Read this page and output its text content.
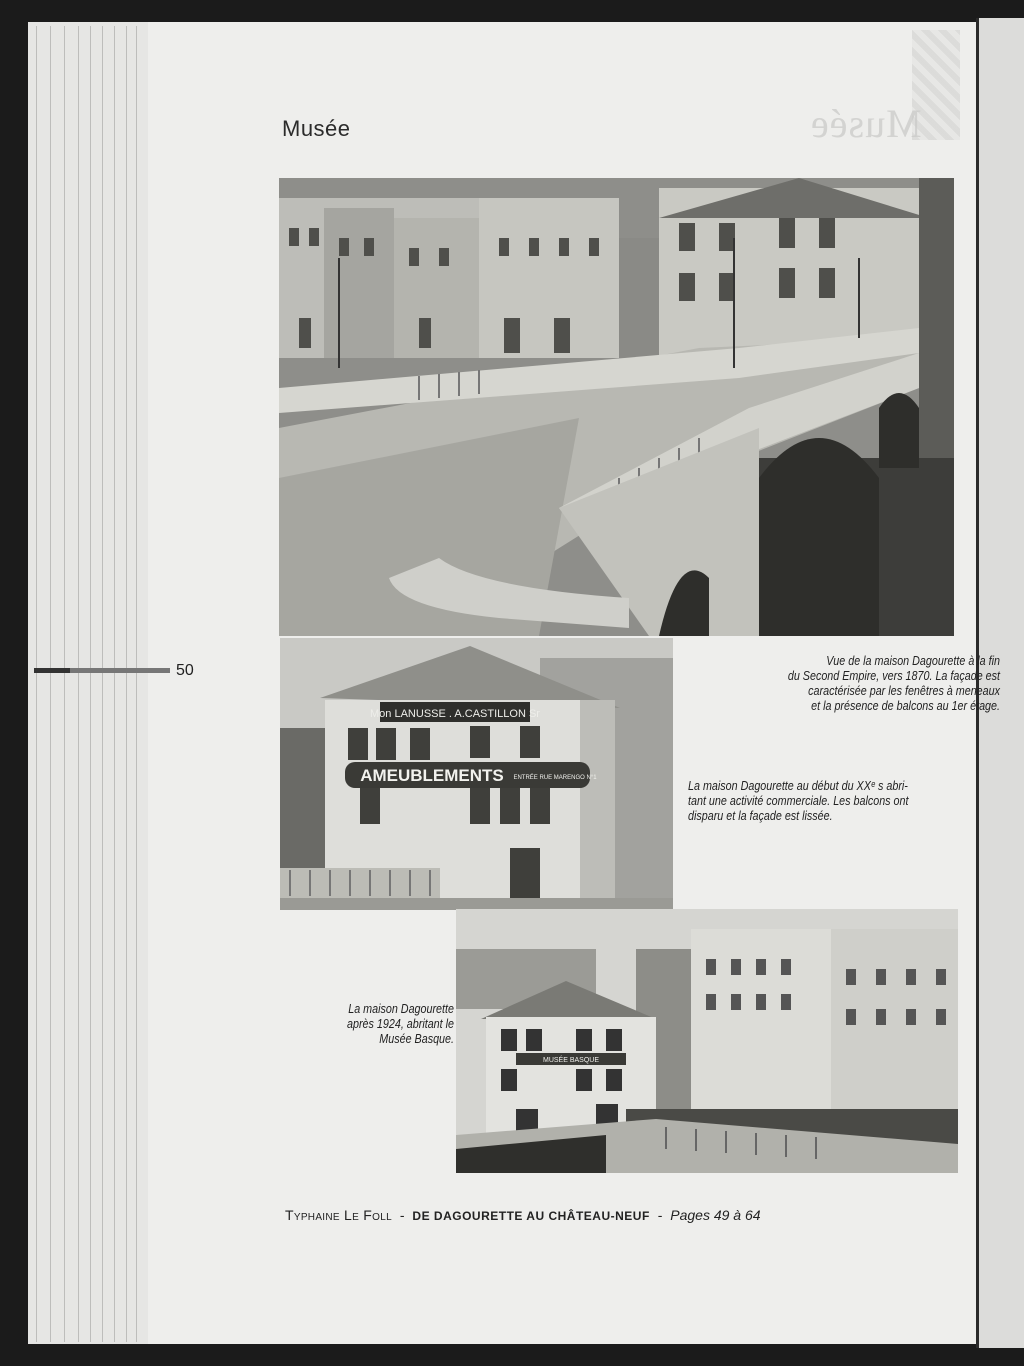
Musée
Musée
Mon LANUSSE . A.CASTILLON Sr
AMEUBLEMENTS ENTRÉE RUE MARENGO N°1
MUSÉE BASQUE

Vue de la maison Dagourette à la fin
du Second Empire, vers 1870. La façade est
caractérisée par les fenêtres à meneaux
et la présence de balcons au 1er étage.

La maison Dagourette au début du XXᵉ s abri-
tant une activité commerciale. Les balcons ont
disparu et la façade est lissée.

La maison Dagourette
après 1924, abritant le
Musée Basque.

50
Typhaine Le Foll - DE DAGOURETTE AU CHÂTEAU-NEUF - Pages 49 à 64
